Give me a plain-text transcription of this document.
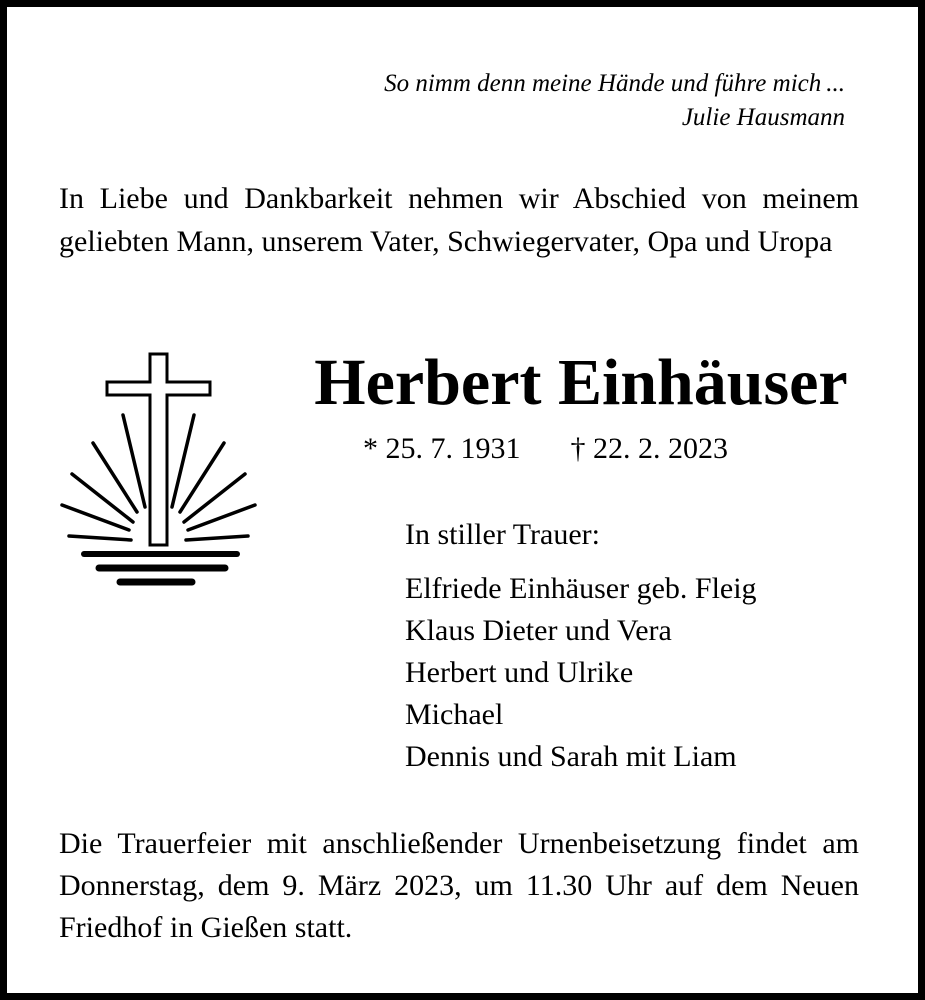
So nimm denn meine Hände und führe mich ...
Julie Hausmann
In Liebe und Dankbarkeit nehmen wir Abschied von meinem geliebten Mann, unserem Vater, Schwiegervater, Opa und Uropa
Herbert Einhäuser
* 25. 7. 1931 † 22. 2. 2023
In stiller Trauer:
Elfriede Einhäuser geb. Fleig
Klaus Dieter und Vera
Herbert und Ulrike
Michael
Dennis und Sarah mit Liam
Die Trauerfeier mit anschließender Urnenbeisetzung findet am Donnerstag, dem 9. März 2023, um 11.30 Uhr auf dem Neuen Friedhof in Gießen statt.
